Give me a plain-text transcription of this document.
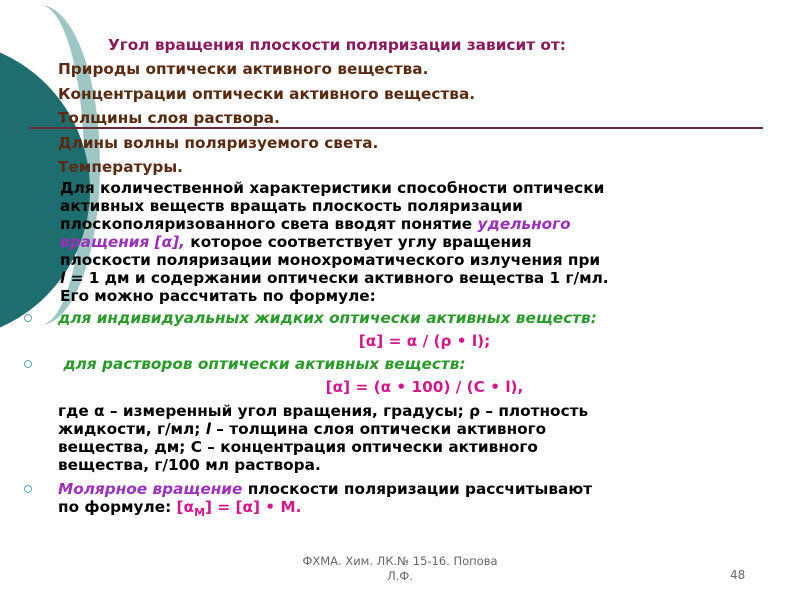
Угол вращения плоскости поляризации зависит от:
Природы оптически активного вещества.
Концентрации оптически активного вещества.
Толщины слоя раствора.
Длины волны поляризуемого света.
Температуры.
Для количественной характеристики способности оптически
активных веществ вращать плоскость поляризации
плоскополяризованного света вводят понятие удельного
вращения [α], которое соответствует углу вращения
плоскости поляризации монохроматического излучения при
l = 1 дм и содержании оптически активного вещества 1 г/мл.
Его можно рассчитать по формуле:
для индивидуальных жидких оптически активных веществ:
[α] = α / (ρ • l);
для растворов оптически активных веществ:
[α] = (α • 100) / (C • l),
где α – измеренный угол вращения, градусы; ρ – плотность
жидкости, г/мл; l – толщина слоя оптически активного
вещества, дм; С – концентрация оптически активного
вещества, г/100 мл раствора.
Молярное вращение плоскости поляризации рассчитывают
по формуле: $[\alpha_M] = [\alpha]$ • M.
ФХМА. Хим. ЛК.№ 15-16. Попова
Л.Ф.	48
